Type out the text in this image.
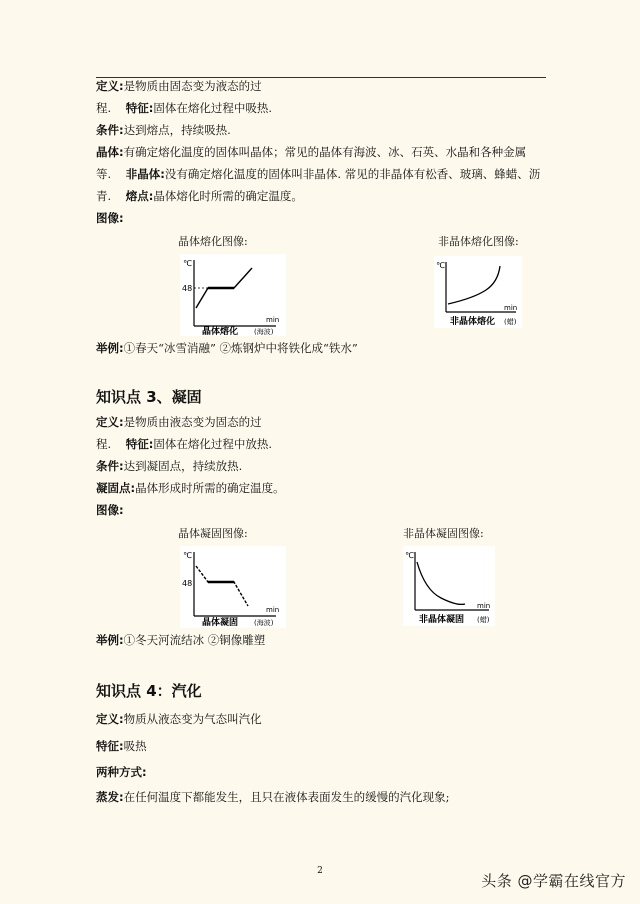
定义:是物质由固态变为液态的过
程. 特征:固体在熔化过程中吸热.
条件:达到熔点，持续吸热.
晶体:有确定熔化温度的固体叫晶体；常见的晶体有海波、冰、石英、水晶和各种金属
等. 非晶体:没有确定熔化温度的固体叫非晶体. 常见的非晶体有松香、玻璃、蜂蜡、沥
青. 熔点:晶体熔化时所需的确定温度。
图像:
晶体熔化图像:	非晶体熔化图像:
℃
48
min
晶体熔化 (海波)
℃
min
非晶体熔化 (蜡)
举例:①春天“冰雪消融” ②炼钢炉中将铁化成“铁水”
知识点 3、凝固
定义:是物质由液态变为固态的过
程. 特征:固体在熔化过程中放热.
条件:达到凝固点，持续放热.
凝固点:晶体形成时所需的确定温度。
图像:
晶体凝固图像:	非晶体凝固图像:
℃
48
min
晶体凝固 (海波)
℃
min
非晶体凝固 (蜡)
举例:①冬天河流结冰 ②铜像雕塑
知识点 4：汽化
定义:物质从液态变为气态叫汽化
特征:吸热
两种方式:
蒸发:在任何温度下都能发生，且只在液体表面发生的缓慢的汽化现象;
2
头条 @学霸在线官方
